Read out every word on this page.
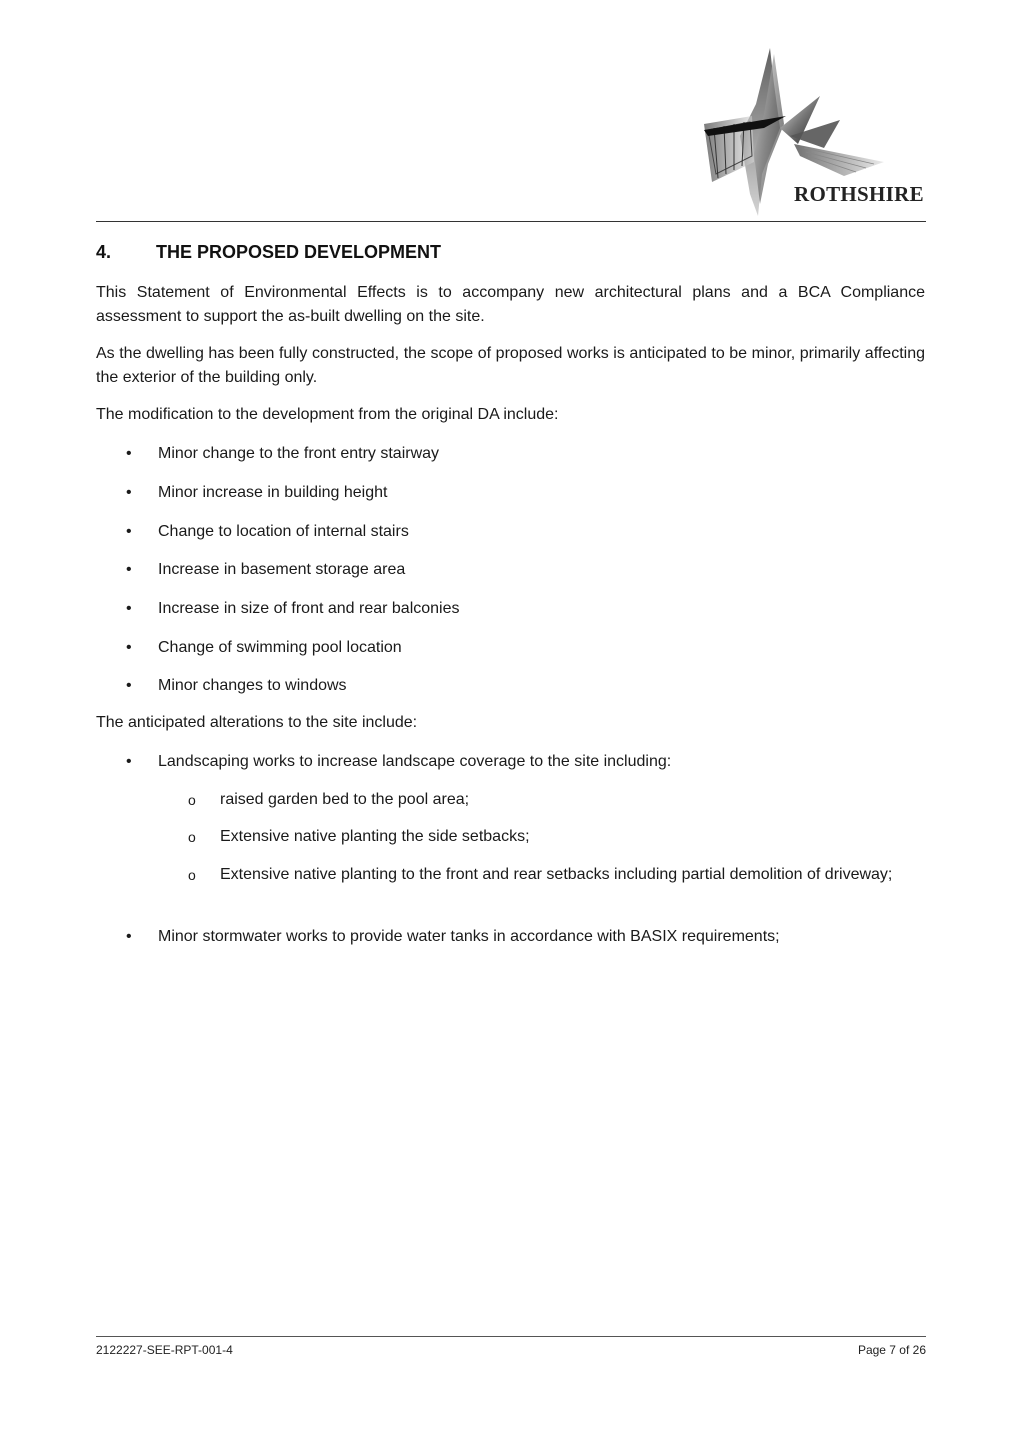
ROTHSHIRE
4. THE PROPOSED DEVELOPMENT
This Statement of Environmental Effects is to accompany new architectural plans and a BCA Compliance assessment to support the as-built dwelling on the site.
As the dwelling has been fully constructed, the scope of proposed works is anticipated to be minor, primarily affecting the exterior of the building only.
The modification to the development from the original DA include:
•	Minor change to the front entry stairway
•	Minor increase in building height
•	Change to location of internal stairs
•	Increase in basement storage area
•	Increase in size of front and rear balconies
•	Change of swimming pool location
•	Minor changes to windows
The anticipated alterations to the site include:
•	Landscaping works to increase landscape coverage to the site including:
o raised garden bed to the pool area;
o Extensive native planting the side setbacks;
o Extensive native planting to the front and rear setbacks including partial demolition of driveway;
•	Minor stormwater works to provide water tanks in accordance with BASIX requirements;
2122227-SEE-RPT-001-4	Page 7 of 26
